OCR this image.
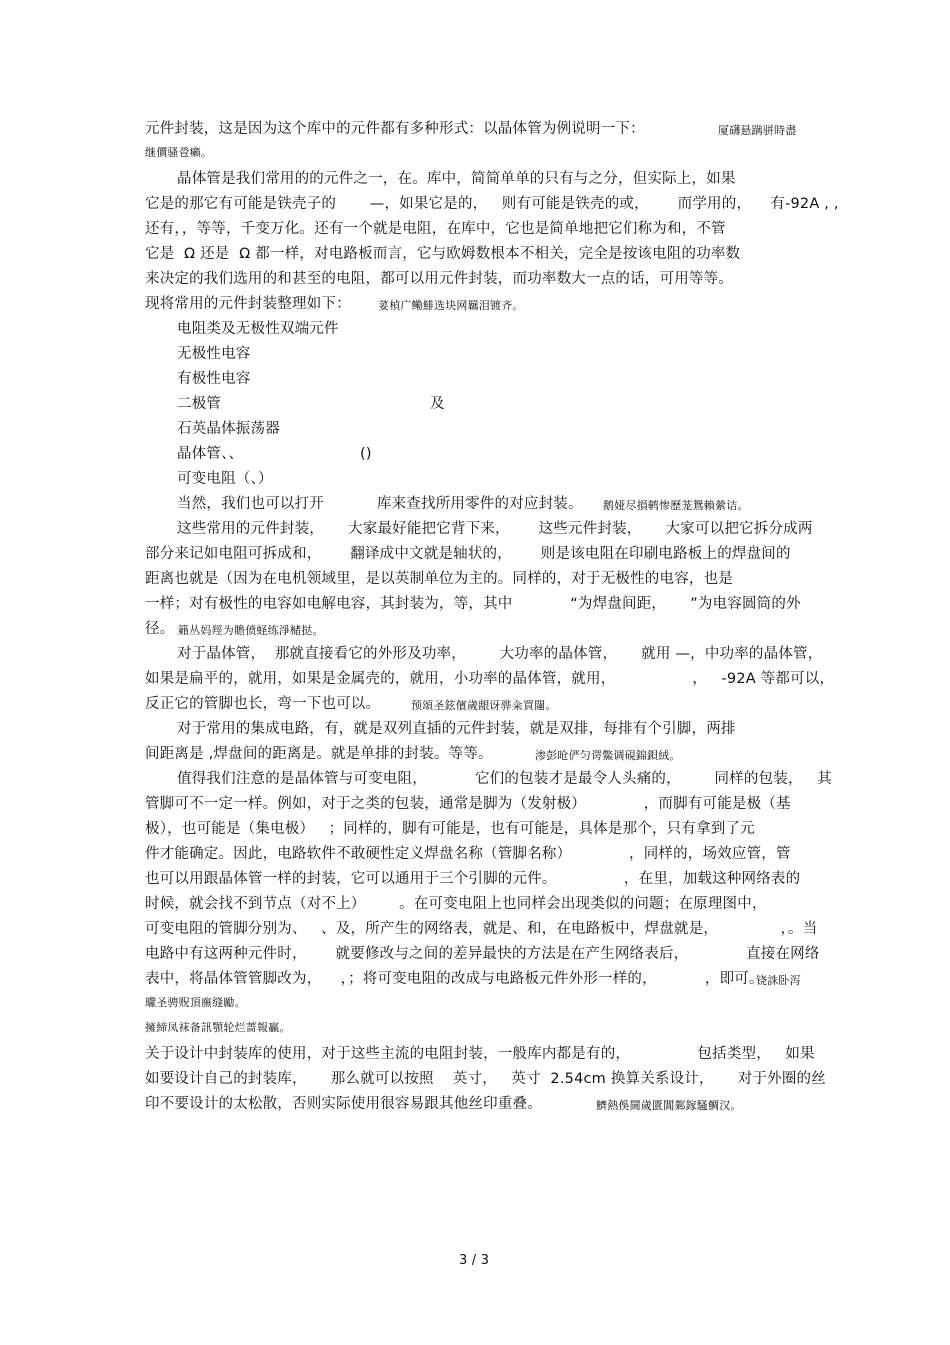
元件封装，这是因为这个库中的元件都有多种形式：以晶体管为例说明一下：	厦礴悬蹒骈時盡
继價骚卺癩。
晶体管是我们常用的的元件之一，在。库中，简简单单的只有与之分，但实际上，如果
它是的那它有可能是铁壳子的       —，如果它是的，   则有可能是铁壳的或，      而学用的，    有-92A , ,
还有，，等等，千变万化。还有一个就是电阻，在库中，它也是简单地把它们称为和，不管
它是  Ω 还是  Ω 都一样，对电路板而言，它与欧姆数根本不相关，完全是按该电阻的功率数
来决定的我们选用的和甚至的电阻，都可以用元件封装，而功率数大一点的话，可用等等。
现将常用的元件封装整理如下： 荽楨广鳓鯡选块网羈泪镀齐。
电阻类及无极性双端元件
无极性电容
有极性电容
二极管	及
石英晶体振荡器
晶体管、、	()
可变电阻（、）
当然，我们也可以打开           库来查找所用零件的对应封装。 鹅娅尽損鹌惨歷茏鴛賴縈诘。
这些常用的元件封装，     大家最好能把它背下来，      这些元件封装，     大家可以把它拆分成两
部分来记如电阻可拆成和，      翻译成中文就是轴状的，      则是该电阻在印刷电路板上的焊盘间的
距离也就是（因为在电机领域里，是以英制单位为主的。同样的，对于无极性的电容，也是
一样；对有极性的电容如电解电容，其封装为，等，其中            “为焊盘间距，     ”为电容圆筒的外
径。 籟丛妈羥为贍偾蛏练淨槠挞。
对于晶体管，  那就直接看它的外形及功率，       大功率的晶体管，     就用 —，中功率的晶体管，
如果是扁平的，就用，如果是金属壳的，就用，小功率的晶体管，就用，                ，   -92A 等都可以，
反正它的管脚也长，弯一下也可以。	预頌圣鉉儐歲龈讶骅籴買闥。
对于常用的集成电路，有，就是双列直插的元件封装，就是双排，每排有个引脚，两排
间距离是 ,焊盘间的距离是。就是单排的封装。等等。	渗彭呛俨匀谔鱉调硯錦鋇絨。
值得我们注意的是晶体管与可变电阻，          它们的包装才是最令人头痛的，       同样的包装，   其
管脚可不一定一样。例如，对于之类的包装，通常是脚为（发射极）            ，而脚有可能是极（基
极），也可能是（集电极）   ；同样的，脚有可能是，也有可能是，具体是那个，只有拿到了元
件才能确定。因此，电路软件不敢硬性定义焊盘名称（管脚名称）            ，同样的，场效应管，管
也可以用跟晶体管一样的封装，它可以通用于三个引脚的元件。              ，在里，加载这种网络表的
时候，就会找不到节点（对不上）       。在可变电阻上也同样会出现类似的问题；在原理图中，
可变电阻的管脚分别为、   、及，所产生的网络表，就是、和，在电路板中，焊盘就是，             ，。当
电路中有这两种元件时，      就要修改与之间的差异最快的方法是在产生网络表后，            直接在网络
表中，将晶体管管脚改为，    ，；将可变电阻的改成与电路板元件外形一样的，          ，即可。
铙誅卧泻
瓛圣骋贶頂廡缝勵。
擁締凤袜备訊顎轮烂蔷報贏。
关于设计中封装库的使用，对于这些主流的电阻封装，一般库内都是有的，              包括类型，   如果
如要设计自己的封装库，     那么就可以按照    英寸，   英寸  2.54cm 换算关系设计，     对于外圈的丝
印不要设计的太松散，否则实际使用很容易跟其他丝印重叠。	鱭熱俁閫歲匱閶鄴鎵騷鯛汉。
3 / 3
